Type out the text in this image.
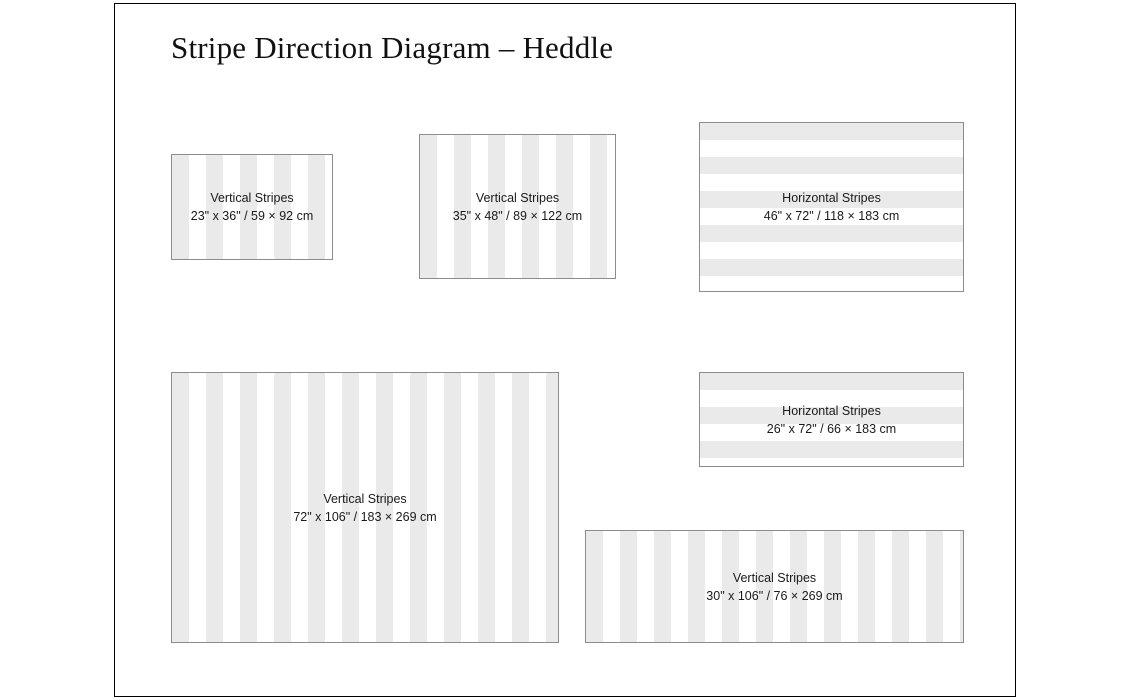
Stripe Direction Diagram – Heddle
Vertical Stripes
23" x 36" / 59 × 92 cm
Vertical Stripes
35" x 48" / 89 × 122 cm
Horizontal Stripes
46" x 72" / 118 × 183 cm
Vertical Stripes
72" x 106" / 183 × 269 cm
Horizontal Stripes
26" x 72" / 66 × 183 cm
Vertical Stripes
30" x 106" / 76 × 269 cm
